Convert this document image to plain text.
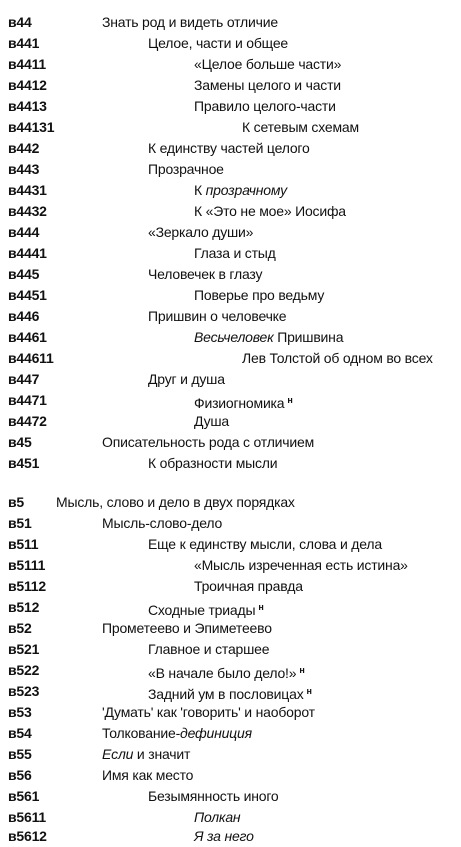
в44	Знать род и видеть отличие
в441	Целое, части и общее
в4411	«Целое больше части»
в4412	Замены целого и части
в4413	Правило целого-части
в44131	К сетевым схемам
в442	К единству частей целого
в443	Прозрачное
в4431	К прозрачному
в4432	К «Это не мое» Иосифа
в444	«Зеркало души»
в4441	Глаза и стыд
в445	Человечек в глазу
в4451	Поверье про ведьму
в446	Пришвин о человечке
в4461	Весьчеловек Пришвина
в44611	Лев Толстой об одном во всех
в447	Друг и душа
в4471	Физиогномика $^н$
в4472	Душа
в45	Описательность рода с отличием
в451	К образности мысли
в5 Мысль, слово и дело в двух порядках
в51	Мысль-слово-дело
в511	Еще к единству мысли, слова и дела
в5111	«Мысль изреченная есть истина»
в5112	Троичная правда
в512	Сходные триады $^н$
в52	Прометеево и Эпиметеево
в521	Главное и старшее
в522	«В начале было дело!» $^н$
в523	Задний ум в пословицах $^н$
в53	'Думать' как 'говорить' и наоборот
в54	Толкование-дефиниция
в55	Если и значит
в56	Имя как место
в561	Безымянность иного
в5611	Полкан
в5612	Я за него
